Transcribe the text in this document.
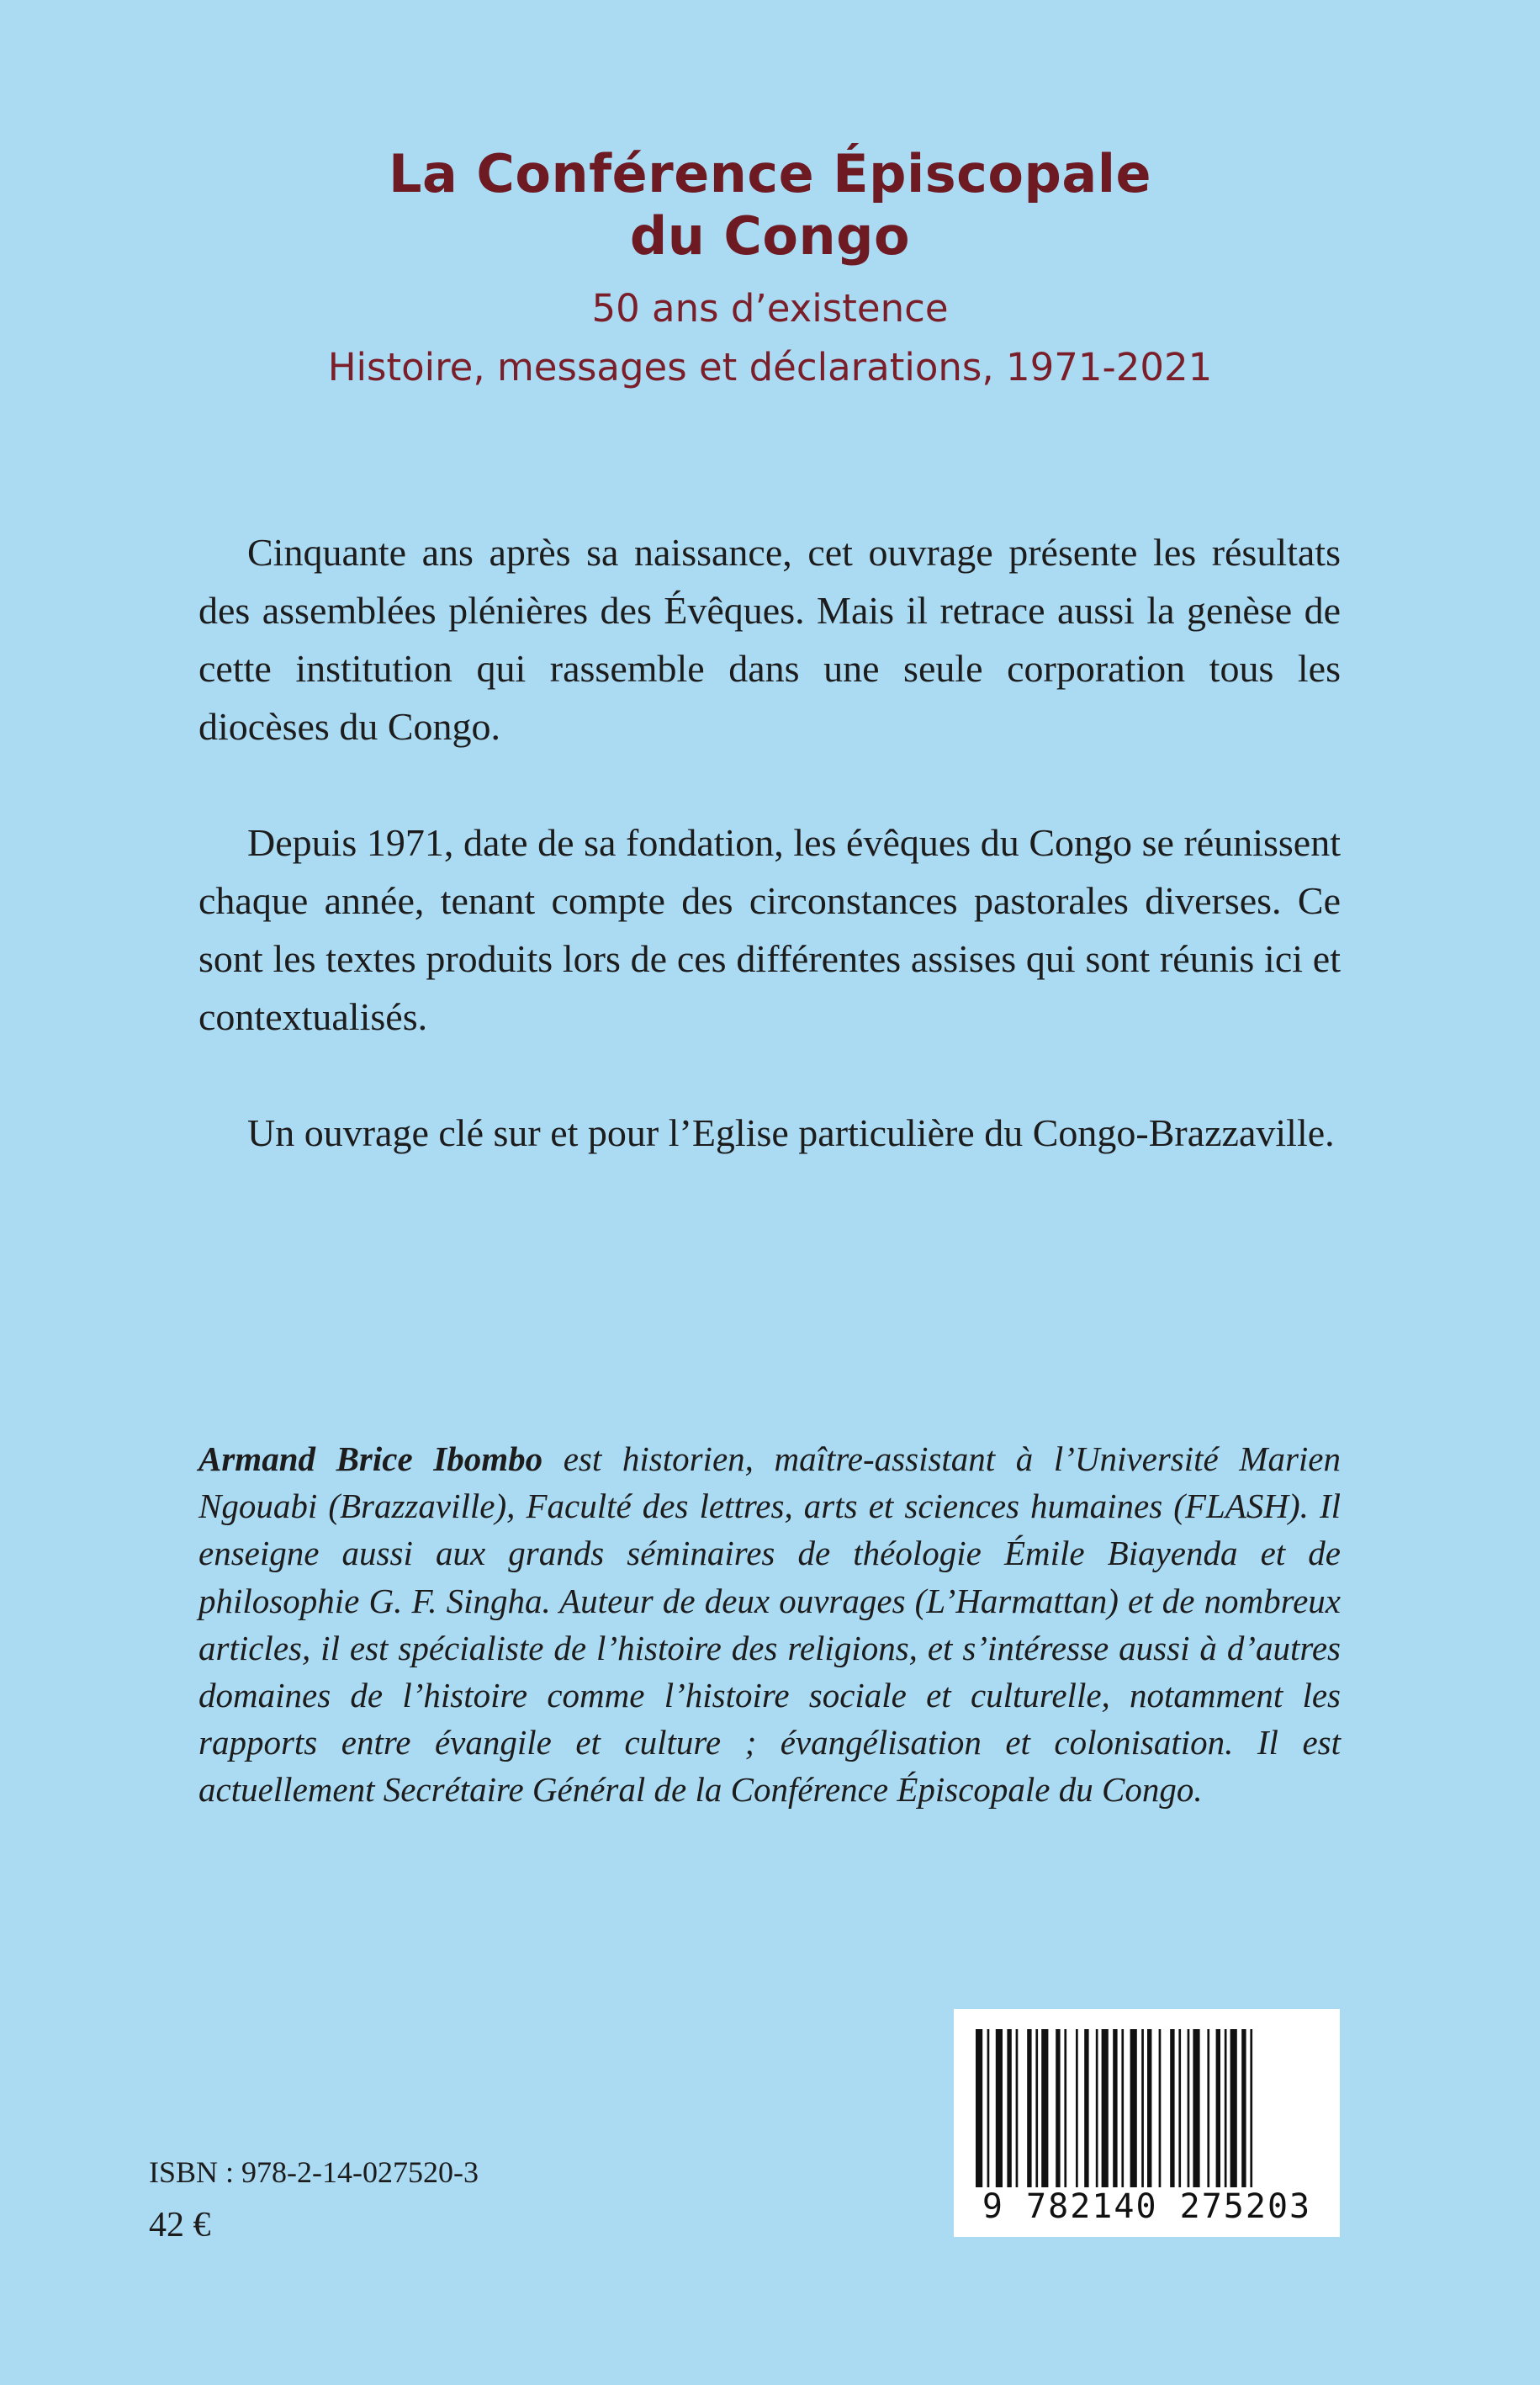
La Conférence Épiscopale

du Congo

50 ans d’existence

Histoire, messages et déclarations, 1971-2021

Cinquante ans après sa naissance, cet ouvrage présente les résultats des assemblées plénières des Évêques. Mais il retrace aussi la genèse de cette institution qui rassemble dans une seule corporation tous les diocèses du Congo.

Depuis 1971, date de sa fondation, les évêques du Congo se réunissent chaque année, tenant compte des circonstances pastorales diverses. Ce sont les textes produits lors de ces différentes assises qui sont réunis ici et contextualisés.

Un ouvrage clé sur et pour l’Eglise particulière du Congo-Brazzaville.

Armand Brice Ibombo est historien, maître-assistant à l’Université Marien Ngouabi (Brazzaville), Faculté des lettres, arts et sciences humaines (FLASH). Il enseigne aussi aux grands séminaires de théologie Émile Biayenda et de philosophie G. F. Singha. Auteur de deux ouvrages (L’Harmattan) et de nombreux articles, il est spécialiste de l’histoire des religions, et s’intéresse aussi à d’autres domaines de l’histoire comme l’histoire sociale et culturelle, notamment les rapports entre évangile et culture ; évangélisation et colonisation. Il est actuellement Secrétaire Général de la Conférence Épiscopale du Congo.

ISBN : 978-2-14-027520-3
42 €	9 782140 275203
